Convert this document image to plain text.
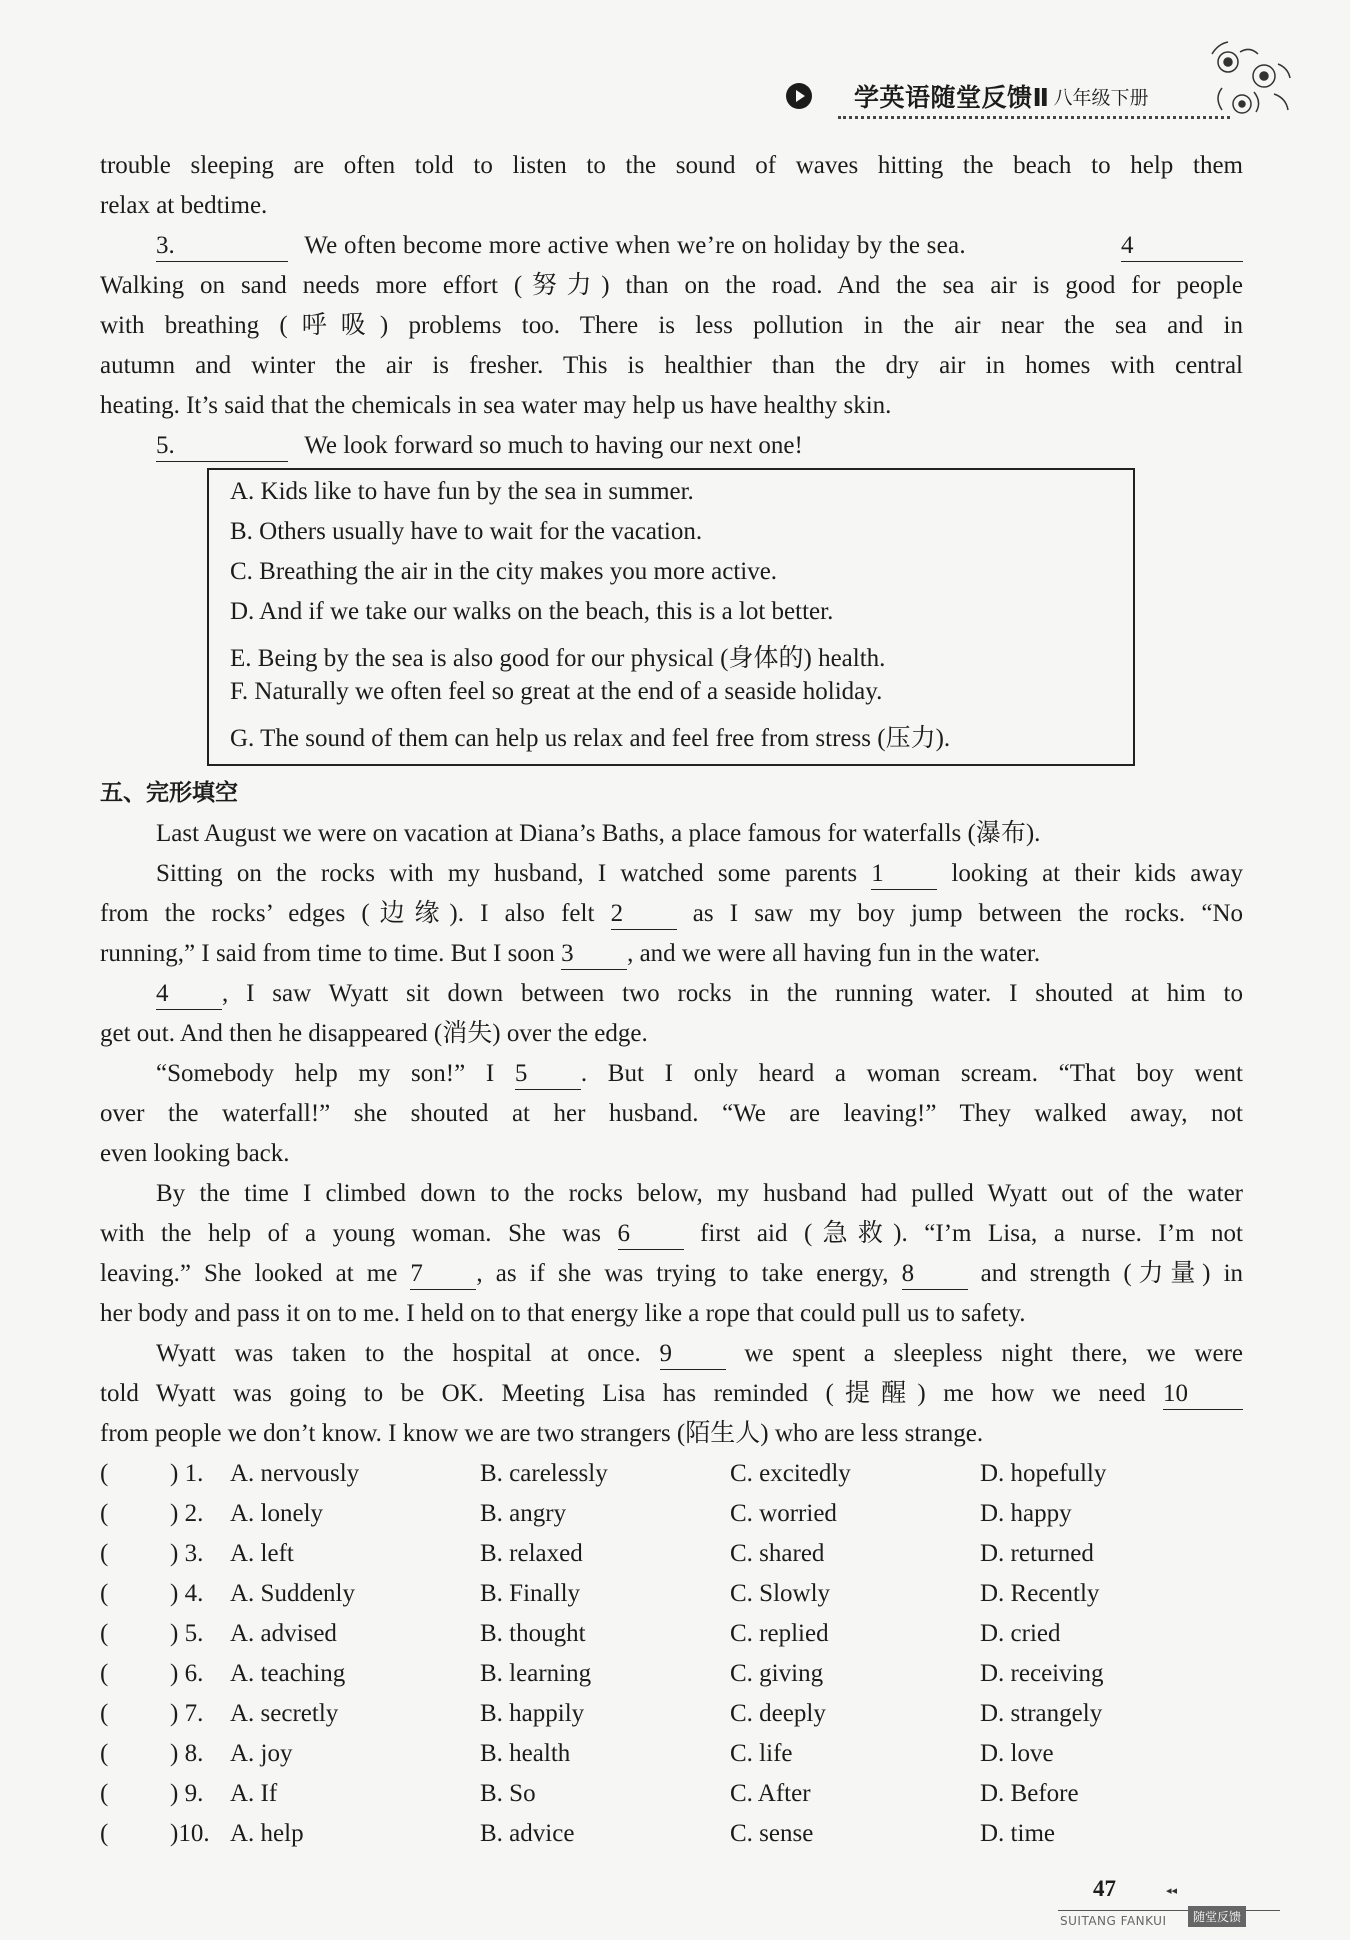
学英语随堂反馈Ⅱ 八年级下册
trouble sleeping are often told to listen to the sound of waves hitting the beach to help them
relax at bedtime.
3.	We often become more active when we’re on holiday by the sea.	4
Walking on sand needs more effort (努力) than on the road. And the sea air is good for people
with breathing (呼吸) problems too. There is less pollution in the air near the sea and in
autumn and winter the air is fresher. This is healthier than the dry air in homes with central
heating. It’s said that the chemicals in sea water may help us have healthy skin.
5.	We look forward so much to having our next one!
A. Kids like to have fun by the sea in summer.
B. Others usually have to wait for the vacation.
C. Breathing the air in the city makes you more active.
D. And if we take our walks on the beach, this is a lot better.
E. Being by the sea is also good for our physical (身体的) health.
F. Naturally we often feel so great at the end of a seaside holiday.
G. The sound of them can help us relax and feel free from stress (压力).
五、完形填空
Last August we were on vacation at Diana’s Baths, a place famous for waterfalls (瀑布).
Sitting on the rocks with my husband, I watched some parents 1	looking at their kids away
from the rocks’ edges (边缘). I also felt 2	as I saw my boy jump between the rocks. “No
running,” I said from time to time. But I soon 3 , and we were all having fun in the water.
4 , I saw Wyatt sit down between two rocks in the running water. I shouted at him to
get out. And then he disappeared (消失) over the edge.
“Somebody help my son!” I 5 . But I only heard a woman scream. “That boy went
over the waterfall!” she shouted at her husband. “We are leaving!” They walked away, not
even looking back.
By the time I climbed down to the rocks below, my husband had pulled Wyatt out of the water
with the help of a young woman. She was 6	first aid (急救). “I’m Lisa, a nurse. I’m not
leaving.” She looked at me 7 , as if she was trying to take energy, 8	and strength (力量) in
her body and pass it on to me. I held on to that energy like a rope that could pull us to safety.
Wyatt was taken to the hospital at once. 9	we spent a sleepless night there, we were
told Wyatt was going to be OK. Meeting Lisa has reminded (提醒) me how we need 10
from people we don’t know. I know we are two strangers (陌生人) who are less strange.
( ) 1. A. nervously	B. carelessly	C. excitedly	D. hopefully
( ) 2. A. lonely	B. angry	C. worried	D. happy
( ) 3. A. left	B. relaxed	C. shared	D. returned
( ) 4. A. Suddenly	B. Finally	C. Slowly	D. Recently
( ) 5. A. advised	B. thought	C. replied	D. cried
( ) 6. A. teaching	B. learning	C. giving	D. receiving
( ) 7. A. secretly	B. happily	C. deeply	D. strangely
( ) 8. A. joy	B. health	C. life	D. love
( ) 9. A. If	B. So	C. After	D. Before
( )10. A. help	B. advice	C. sense	D. time
47	◂◂
SUITANG FANKUI	随堂反馈
